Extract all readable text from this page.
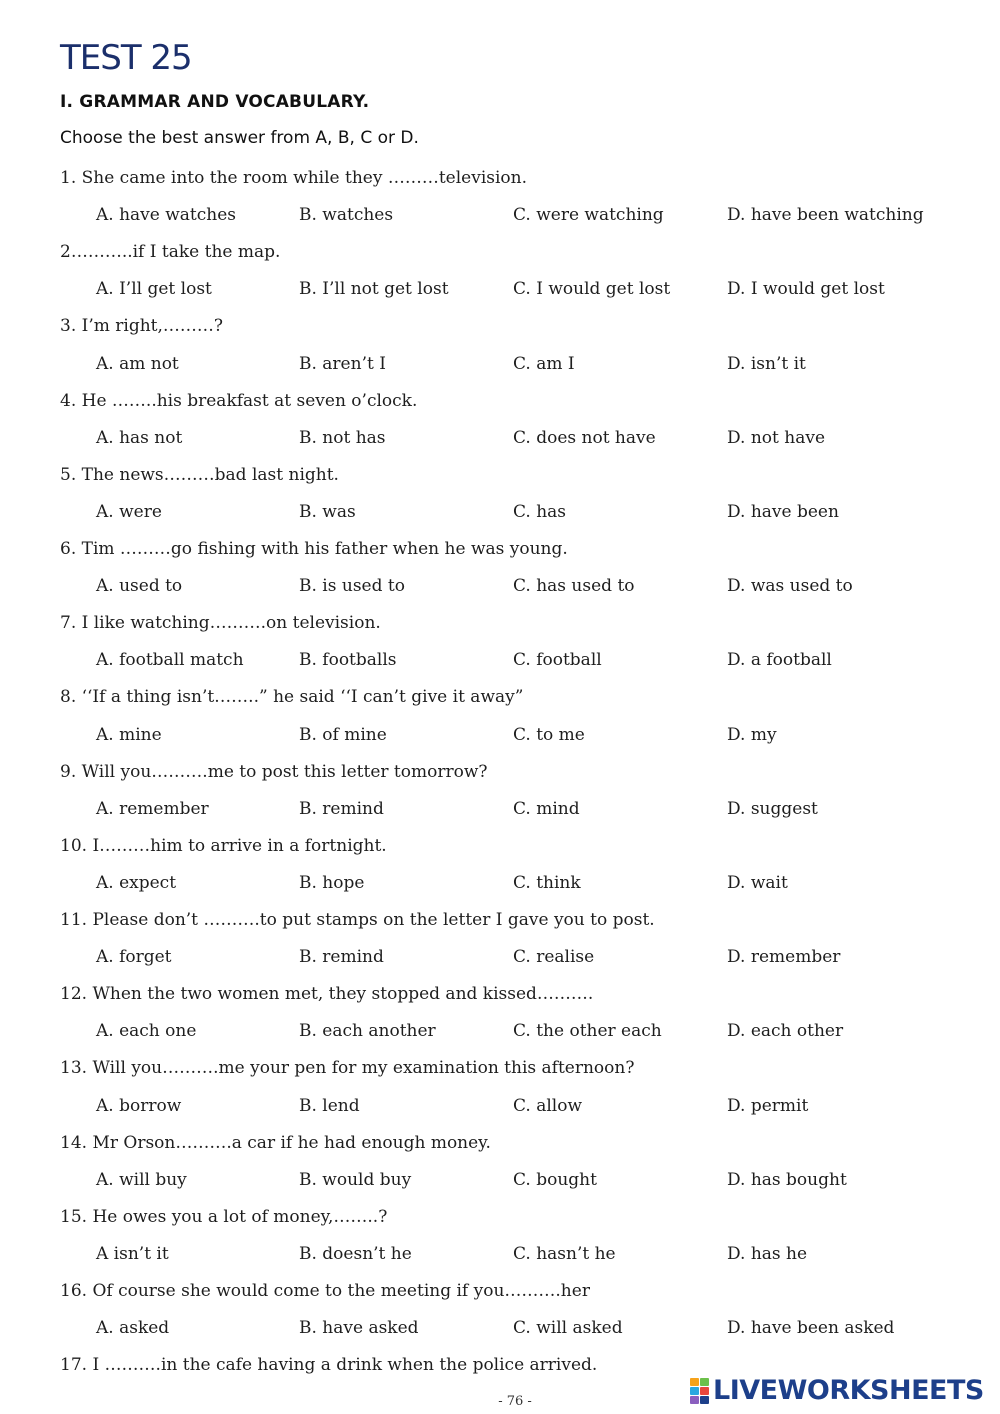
TEST 25
I. GRAMMAR AND VOCABULARY.

Choose the best answer from A, B, C or D.

1. She came into the room while they ………television.
A. have watches	B. watches	C. were watching	D. have been watching
2………..if I take the map.
A. I’ll get lost	B. I’ll not get lost	C. I would get lost	D. I would get lost
3. I’m right,………?
A. am not	B. aren’t I	C. am I	D. isn’t it
4. He ……..his breakfast at seven o’clock.
A. has not	B. not has	C. does not have	D. not have
5. The news………bad last night.
A. were	B. was	C. has	D. have been
6. Tim ………go fishing with his father when he was young.
A. used to	B. is used to	C. has used to	D. was used to
7. I like watching……….on television.
A. football match	B. footballs	C. football	D. a football
8. ‘‘If a thing isn’t……..” he said ‘‘I can’t give it away”
A. mine	B. of mine	C. to me	D. my
9. Will you……….me to post this letter tomorrow?
A. remember	B. remind	C. mind	D. suggest
10. I………him to arrive in a fortnight.
A. expect	B. hope	C. think	D. wait
11. Please don’t ……….to put stamps on the letter I gave you to post.
A. forget	B. remind	C. realise	D. remember
12. When the two women met, they stopped and kissed……….
A. each one	B. each another	C. the other each	D. each other
13. Will you……….me your pen for my examination this afternoon?
A. borrow	B. lend	C. allow	D. permit
14. Mr Orson……….a car if he had enough money.
A. will buy	B. would buy	C. bought	D. has bought
15. He owes you a lot of money,……..?
A isn’t it	B. doesn’t he	C. hasn’t he	D. has he
16. Of course she would come to the meeting if you……….her
A. asked	B. have asked	C. will asked	D. have been asked
17. I ……….in the cafe having a drink when the police arrived.
- 76 -	LIVEWORKSHEETS
